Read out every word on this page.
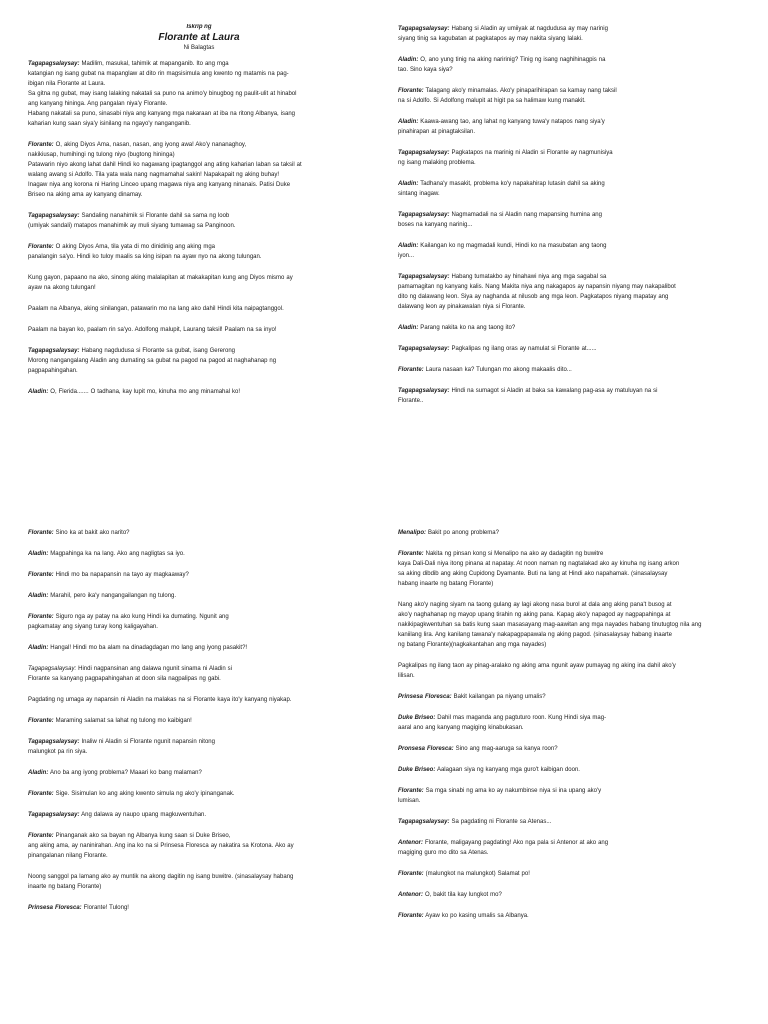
Iskrip ng
Florante at Laura
Ni Balagtas

Tagapagsalaysay: Madilim, masukal, tahimik at mapanganib. Ito ang mga
katangian ng isang gubat na mapanglaw at dito rin magsisimula ang kwento ng matamis na pag-
ibigan nila Florante at Laura.
Sa gitna ng gubat, may isang lalaking nakatali sa puno na animo'y binugbog ng paulit-ulit at hinabol
ang kanyang hininga. Ang pangalan niya'y Florante.
Habang nakatali sa puno, sinasabi niya ang kanyang mga nakaraan at iba na ritong Albanya, isang
kaharian kung saan siya'y isinilang na ngayo'y nanganganib.

Florante: O, aking Diyos Ama, nasan, nasan, ang iyong awa! Ako'y nananaghoy,
nakikiusap, humihingi ng tulong niyo (bugtong hininga)
Patawarin niyo akong lahat dahil Hindi ko nagawang ipagtanggol ang ating kaharian laban sa taksil at
walang awang si Adolfo. Tila yata wala nang nagmamahal sakin! Napakapait ng aking buhay!
Inagaw niya ang korona ni Haring Linceo upang magawa niya ang kanyang ninanais. Patisi Duke
Briseo na aking ama ay kanyang dinamay.

Tagapagsalaysay: Sandaling nanahimik si Florante dahil sa sama ng loob
(umiyak sandali) matapos manahimik ay muli siyang tumawag sa Panginoon.

Florante: O aking Diyos Ama, tila yata di mo dinidinig ang aking mga
panalangin sa'yo. Hindi ko tuloy maalis sa king isipan na ayaw nyo na akong tulungan.

Kung gayon, papaano na ako, sinong aking malalapitan at makakapitan kung ang Diyos mismo ay
ayaw na akong tulungan!

Paalam na Albanya, aking sinilangan, patawarin mo na lang ako dahil Hindi kita naipagtanggol.

Paalam na bayan ko, paalam rin sa'yo. Adolfong malupit, Laurang taksil! Paalam na sa inyo!

Tagapagsalaysay: Habang nagdudusa si Florante sa gubat, isang Gererong
Morong nangangalang Aladin ang dumating sa gubat na pagod na pagod at naghahanap ng
pagpapahingahan.

Aladin: O, Flerida....... O tadhana, kay lupit mo, kinuha mo ang minamahal ko!

Tagapagsalaysay: Habang si Aladin ay umiiyak at nagdudusa ay may narinig
siyang tinig sa kagubatan at pagkatapos ay may nakita siyang lalaki.

Aladin: O, ano yung tinig na aking naririnig? Tinig ng isang naghihinagpis na
tao. Sino kaya siya?

Florante: Talagang ako'y minamalas. Ako'y pinaparihirapan sa kamay nang taksil
na si Adolfo. Si Adolfong malupit at higit pa sa halimaw kung manakit.

Aladin: Kaawa-awang tao, ang lahat ng kanyang tuwa'y natapos nang siya'y
pinahirapan at pinagtaksilan.

Tagapagsalaysay: Pagkatapos na marinig ni Aladin si Florante ay nagmunisiya
ng isang malaking problema.

Aladin: Tadhana'y masakit, problema ko'y napakahirap lutasin dahil sa aking
sintang inagaw.

Tagapagsalaysay: Nagmamadali na si Aladin nang mapansing humina ang
boses na kanyang narinig...

Aladin: Kailangan ko ng magmadali kundi, Hindi ko na masubatan ang taong
iyon...

Tagapagsalaysay: Habang tumatakbo ay hinahawi niya ang mga sagabal sa
pamamagitan ng kanyang kalis. Nang Makita niya ang nakagapos ay napansin niyang may nakapalibot
dito ng dalawang leon. Siya ay naghanda at nilusob ang mga leon. Pagkatapos niyang mapatay ang
dalawang leon ay pinakawalan niya si Florante.

Aladin: Parang nakita ko na ang taong ito?

Tagapagsalaysay: Pagkalipas ng ilang oras ay namulat si Florante at......

Florante: Laura nasaan ka? Tulungan mo akong makaalis dito...

Tagapagsalaysay: Hindi na sumagot si Aladin at baka sa kawalang pag-asa ay matuluyan na si
Florante..

Florante: Sino ka at bakit ako narito?

Aladin: Magpahinga ka na lang. Ako ang nagligtas sa iyo.

Florante: Hindi mo ba napapansin na tayo ay magkaaway?

Aladin: Marahil, pero ika'y nangangailangan ng tulong.

Florante: Siguro nga ay patay na ako kung Hindi ka dumating. Ngunit ang
pagkamatay ang siyang turay kong kaligayahan.

Aladin: Hangal! Hindi mo ba alam na dinadagdagan mo lang ang iyong pasakit?!

Tagapagsalaysay: Hindi nagpansinan ang dalawa ngunit sinama ni Aladin si
Florante sa kanyang pagpapahingahan at doon sila nagpalipas ng gabi.

Pagdating ng umaga ay napansin ni Aladin na malakas na si Florante kaya ito'y kanyang niyakap.

Florante: Maraming salamat sa lahat ng tulong mo kaibigan!

Tagapagsalaysay: Inaliw ni Aladin si Florante ngunit napansin nitong
malungkot pa rin siya.

Aladin: Ano ba ang iyong problema? Maaari ko bang malaman?

Florante: Sige. Sisimulan ko ang aking kwento simula ng ako'y ipinanganak.

Tagapagsalaysay: Ang dalawa ay naupo upang magkuwentuhan.

Florante: Pinanganak ako sa bayan ng Albanya kung saan si Duke Briseo,
ang aking ama, ay naninirahan. Ang ina ko na si Prinsesa Floresca ay nakatira sa Krotona. Ako ay
pinangalanan nilang Florante.

Noong sanggol pa lamang ako ay muntik na akong dagitin ng isang buwitre. (sinasalaysay habang
inaarte ng batang Florante)

Prinsesa Floresca: Florante! Tulong!

Menalipo: Bakit po anong problema?

Florante: Nakita ng pinsan kong si Menalipo na ako ay dadagitin ng buwitre
kaya Dali-Dali niya itong pinana at napatay. At noon naman ng nagtalakad ako ay kinuha ng isang arkon
sa aking dibdib ang aking Cupidong Dyamante. Buti na lang at Hindi ako napahamak. (sinasalaysay
habang inaarte ng batang Florante)

Nang ako'y naging siyam na taong gulang ay lagi akong nasa burol at dala ang aking pana't busog at
ako'y naghahanap ng mayop upang tirahin ng aking pana. Kapag ako'y napagod ay nagpapahinga at
nakikipagkwentuhan sa batis kung saan masasayang mag-aawitan ang mga nayades habang tinutugtog nila ang
kaniilang lira. Ang kanilang tawana'y nakapagpapawala ng aking pagod. (sinasalaysay habang inaarte
ng batang Florante)(nagkakantahan ang mga nayades)

Pagkalipas ng ilang taon ay pinag-aralako ng aking ama ngunit ayaw pumayag ng aking ina dahil ako'y
lilisan.

Prinsesa Floresca: Bakit kailangan pa niyang umalis?

Duke Briseo: Dahil mas maganda ang pagtuturo roon. Kung Hindi siya mag-
aaral ano ang kanyang magiging kinabukasan.

Pronsesa Floresca: Sino ang mag-aaruga sa kanya roon?

Duke Briseo: Aalagaan siya ng kanyang mga guro't kaibigan doon.

Florante: Sa mga sinabi ng ama ko ay nakumbinse niya si ina upang ako'y
lumisan.

Tagapagsalaysay: Sa pagdating ni Florante sa Atenas...

Antenor: Florante, maligayang pagdating! Ako nga pala si Antenor at ako ang
magiging guro mo dito sa Atenas.

Florante: (malungkot na malungkot) Salamat po!

Antenor: O, bakit tila kay lungkot mo?

Florante: Ayaw ko po kasing umalis sa Albanya.
